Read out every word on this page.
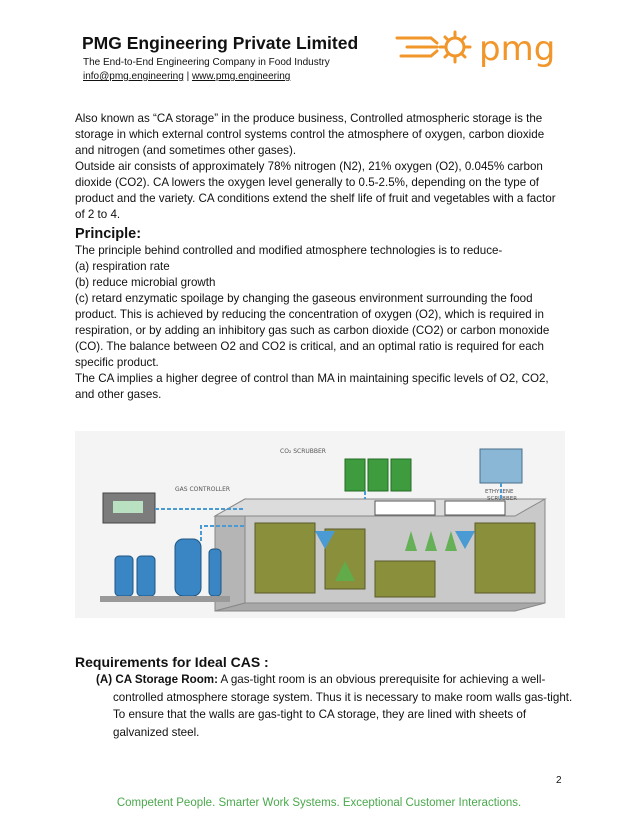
PMG Engineering Private Limited
The End-to-End Engineering Company in Food Industry
info@pmg.engineering | www.pmg.engineering
pmg

Also known as “CA storage” in the produce business, Controlled atmospheric storage is the storage in which external control systems control the atmosphere of oxygen, carbon dioxide and nitrogen (and sometimes other gases).

Outside air consists of approximately 78% nitrogen (N2), 21% oxygen (O2), 0.045% carbon dioxide (CO2). CA lowers the oxygen level generally to 0.5-2.5%, depending on the type of product and the variety. CA conditions extend the shelf life of fruit and vegetables with a factor of 2 to 4.

Principle:

The principle behind controlled and modified atmosphere technologies is to reduce-

(a) respiration rate

(b) reduce microbial growth

(c) retard enzymatic spoilage by changing the gaseous environment surrounding the food product. This is achieved by reducing the concentration of oxygen (O2), which is required in respiration, or by adding an inhibitory gas such as carbon dioxide (CO2) or carbon monoxide (CO). The balance between O2 and CO2 is critical, and an optimal ratio is required for each specific product.

The CA implies a higher degree of control than MA in maintaining specific levels of O2, CO2, and other gases.

CO₂ SCRUBBER
ETHYLENE
SCRUBBER
GAS CONTROLLER
Requirements for Ideal CAS :
(A) CA Storage Room: A gas-tight room is an obvious prerequisite for achieving a well-controlled atmosphere storage system. Thus it is necessary to make room walls gas-tight. To ensure that the walls are gas-tight to CA storage, they are lined with sheets of galvanized steel.
2
Competent People. Smarter Work Systems. Exceptional Customer Interactions.
